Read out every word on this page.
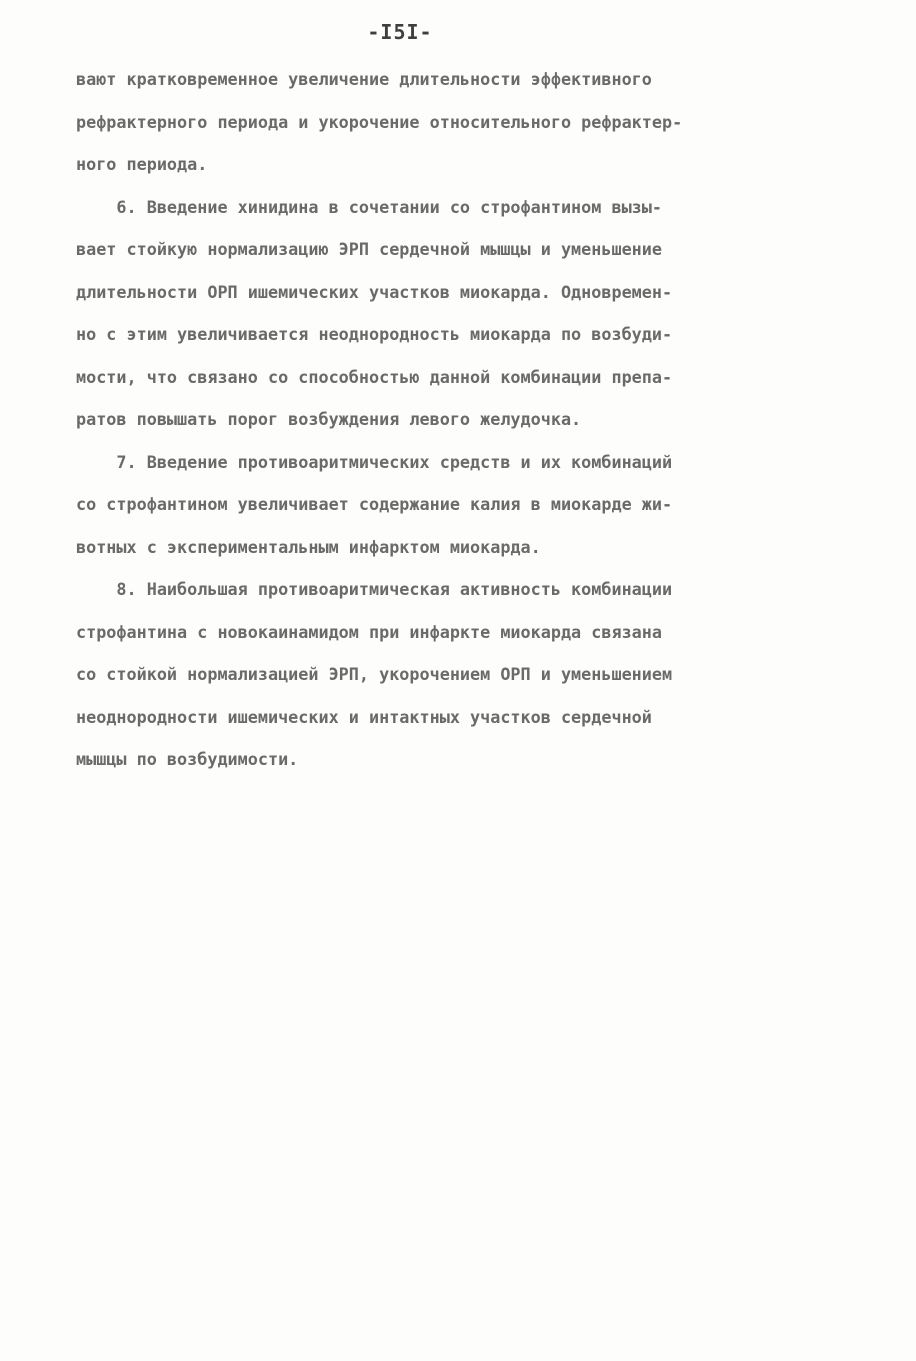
-I5I-
вают кратковременное увеличение длительности эффективного
рефрактерного периода и укорочение относительного рефрактер-
ного периода.
6. Введение хинидина в сочетании со строфантином вызы-
вает стойкую нормализацию ЭРП сердечной мышцы и уменьшение
длительности ОРП ишемических участков миокарда. Одновремен-
но с этим увеличивается неоднородность миокарда по возбуди-
мости, что связано со способностью данной комбинации препа-
ратов повышать порог возбуждения левого желудочка.
7. Введение противоаритмических средств и их комбинаций
со строфантином увеличивает содержание калия в миокарде жи-
вотных с экспериментальным инфарктом миокарда.
8. Наибольшая противоаритмическая активность комбинации
строфантина с новокаинамидом при инфаркте миокарда связана
со стойкой нормализацией ЭРП, укорочением ОРП и уменьшением
неоднородности ишемических и интактных участков сердечной
мышцы по возбудимости.
